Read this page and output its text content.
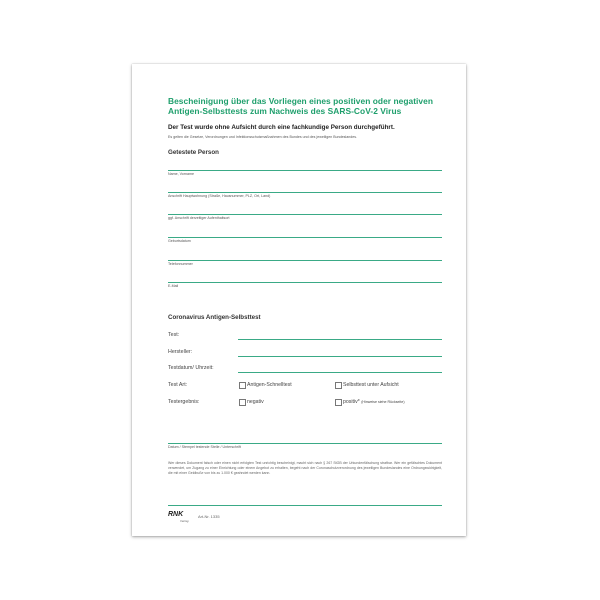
Bescheinigung über das Vorliegen eines positiven oder negativen
Antigen-Selbsttests zum Nachweis des SARS-CoV-2 Virus
Der Test wurde ohne Aufsicht durch eine fachkundige Person durchgeführt.
Es gelten die Gesetze, Verordnungen und Infektionsschutzmaßnahmen des Bundes und des jeweiligen Bundeslandes.
Getestete Person
Name, Vorname
Anschrift Hauptwohnung (Straße, Hausnummer, PLZ, Ort, Land)
ggf. Anschrift derzeitiger Aufenthaltsort
Geburtsdatum
Telefonnummer
E-Mail
Coronavirus Antigen-Selbsttest
Test:
Hersteller:
Testdatum/ Uhrzeit:
Test Art:	Antigen-Schnelltest	Selbsttest unter Aufsicht
Testergebnis:	negativ	positiv* (Hinweise siehe Rückseite)
Datum / Stempel testende Stelle / Unterschrift
Wer dieses Dokument falsch oder einen nicht erfolgten Test unrichtig bescheinigt, macht sich nach § 267 StGB der Urkundenfälschung strafbar. Wer ein gefälschtes Dokument verwendet, um Zugang zu einer Einrichtung oder einem Angebot zu erhalten, begeht nach der Coronaschutzverordnung des jeweiligen Bundeslandes eine Ordnungswidrigkeit, die mit einer Geldbuße von bis zu 1.000 € geahndet werden kann.
RNK
Verlag
Art-Nr. 1335
